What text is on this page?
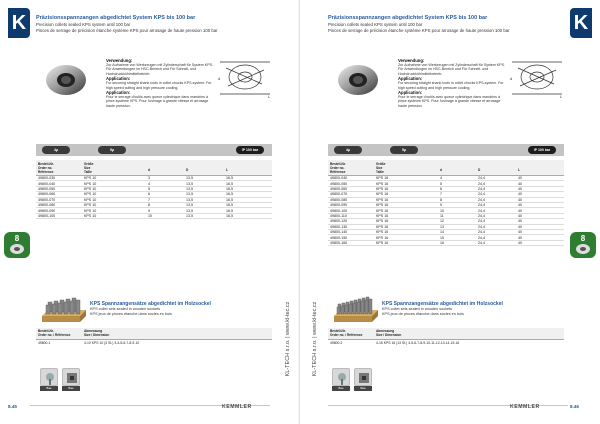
K
8
Präzisionsspannzangen abgedichtet System KPS bis 100 bar
Precision collets sealed KPS system until 100 bar
Pinces de serrage de précision étanche système KPS pour arrosage de haute pression 100 bar
Verwendung:
Zur Aufnahme von Werkzeugen mit Zylinderschaft für System KPS. Für Anwendungen im HSC-Bereich und Für Schnell- und Hochdruckkühlmittelbetrieb.
Application:
For securing straight shank tools in collet chucks KPS-system. For high speed cutting and high pressure cooling.
Application:
Pour le serrage d'outils avec queue cylindrique dans mandrins à pince système KPS. Pour l'usinage à grande vitesse et arrosage haute pression.
L
d
4µ	5µ	IP 100 bar
Bestell-Nr.
Order no.
Référence
Größe
Size
Taille	d	D	L
49800-030	KPS 10	3	13,5	16,5
49800-040	KPS 10	4	13,5	16,5
49800-050	KPS 10	5	13,5	16,5
49800-060	KPS 10	6	13,5	16,5
49800-070	KPS 10	7	13,5	16,5
49800-080	KPS 10	8	13,5	16,5
49800-090	KPS 10	9	13,5	16,5
49800-100	KPS 10	10	13,5	16,5
KPS Spannzangensätze abgedichtet im Holzsockel
KPS collet sets sealed in wooden sockets
KPS jeux de pinces étanche dans socles en bois
Bestell-Nr.
Order no. / Référence
Abmessung
Size / Dimension
49800-1	4-10 KPS 10 (3 St.) 3-4-5-6-7-8-9-10
Bae	Bae
KL-TECH s.r.o. | www.kl-tec.cz
8.45	KEMMLER
K
8
Präzisionsspannzangen abgedichtet System KPS bis 100 bar
Precision collets sealed KPS system until 100 bar
Pinces de serrage de précision étanche système KPS pour arrosage de haute pression 100 bar
Verwendung:
Zur Aufnahme von Werkzeugen mit Zylinderschaft für System KPS. Für Anwendungen im HSC-Bereich und Für Schnell- und Hochdruckkühlmittelbetrieb.
Application:
For securing straight shank tools in collet chucks KPS-system. For high speed cutting and high pressure cooling.
Application:
Pour le serrage d'outils avec queue cylindrique dans mandrins à pince système KPS. Pour l'usinage à grande vitesse et arrosage haute pression.
L
d
4µ	5µ	IP 100 bar
Bestell-Nr.
Order no.
Référence
Größe
Size
Taille	d	D	L
49800-040	KPS 16	4	24,4	40
49800-050	KPS 16	5	24,4	40
49800-060	KPS 16	6	24,4	40
49800-070	KPS 16	7	24,4	40
49800-080	KPS 16	8	24,4	40
49800-090	KPS 16	9	24,4	40
49800-100	KPS 16	10	24,4	40
49800-110	KPS 16	11	24,4	40
49800-120	KPS 16	12	24,4	40
49800-130	KPS 16	13	24,4	40
49800-140	KPS 16	14	24,4	40
49800-150	KPS 16	15	24,4	40
49800-160	KPS 16	16	24,4	40
KPS Spannzangensätze abgedichtet im Holzsockel
KPS collet sets sealed in wooden sockets
KPS jeux de pinces étanche dans socles en bois
Bestell-Nr.
Order no. / Référence
Abmessung
Size / Dimension
49800-2	4-16 KPS 16 (13 St.) 4-5-6-7-8-9-10-11-12-13-14-15-16
Bae	Bae
KL-TECH s.r.o. | www.kl-tec.cz
8.46
KEMMLER
